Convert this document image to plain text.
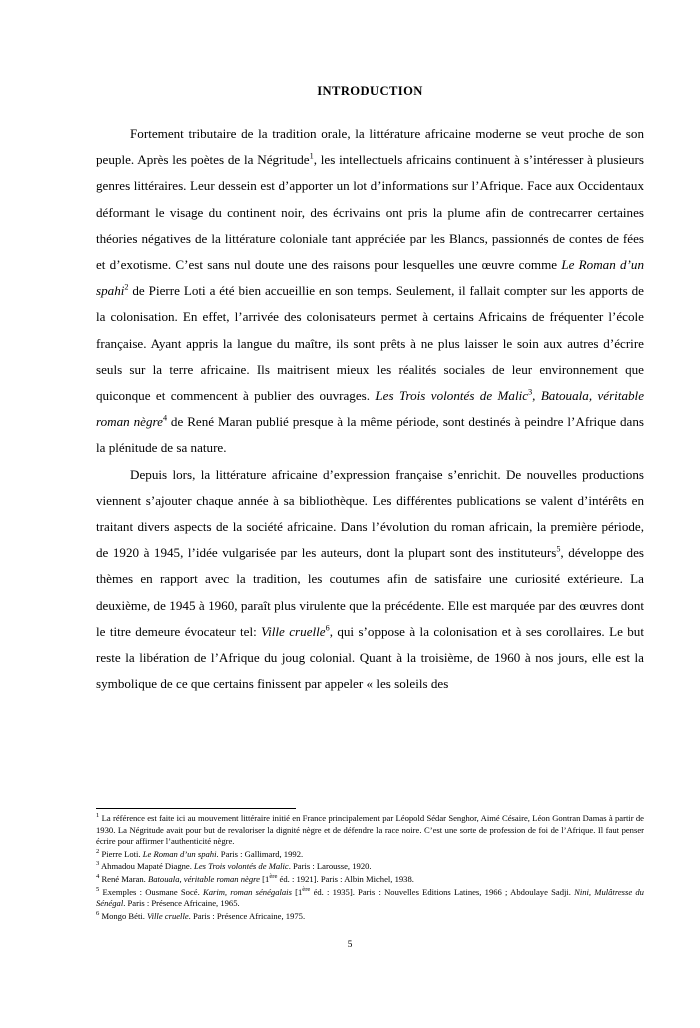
INTRODUCTION

Fortement tributaire de la tradition orale, la littérature africaine moderne se veut proche de son peuple. Après les poètes de la Négritude$^1$, les intellectuels africains continuent à s’intéresser à plusieurs genres littéraires. Leur dessein est d’apporter un lot d’informations sur l’Afrique. Face aux Occidentaux déformant le visage du continent noir, des écrivains ont pris la plume afin de contrecarrer certaines théories négatives de la littérature coloniale tant appréciée par les Blancs, passionnés de contes de fées et d’exotisme. C’est sans nul doute une des raisons pour lesquelles une œuvre comme Le Roman d’un spahi$^2$ de Pierre Loti a été bien accueillie en son temps. Seulement, il fallait compter sur les apports de la colonisation. En effet, l’arrivée des colonisateurs permet à certains Africains de fréquenter l’école française. Ayant appris la langue du maître, ils sont prêts à ne plus laisser le soin aux autres d’écrire seuls sur la terre africaine. Ils maitrisent mieux les réalités sociales de leur environnement que quiconque et commencent à publier des ouvrages. Les Trois volontés de Malic$^3$, Batouala, véritable roman nègre$^4$ de René Maran publié presque à la même période, sont destinés à peindre l’Afrique dans la plénitude de sa nature.

Depuis lors, la littérature africaine d’expression française s’enrichit. De nouvelles productions viennent s’ajouter chaque année à sa bibliothèque. Les différentes publications se valent d’intérêts en traitant divers aspects de la société africaine. Dans l’évolution du roman africain, la première période, de 1920 à 1945, l’idée vulgarisée par les auteurs, dont la plupart sont des instituteurs$^5$, développe des thèmes en rapport avec la tradition, les coutumes afin de satisfaire une curiosité extérieure. La deuxième, de 1945 à 1960, paraît plus virulente que la précédente. Elle est marquée par des œuvres dont le titre demeure évocateur tel: Ville cruelle$^6$, qui s’oppose à la colonisation et à ses corollaires. Le but reste la libération de l’Afrique du joug colonial. Quant à la troisième, de 1960 à nos jours, elle est la symbolique de ce que certains finissent par appeler « les soleils des

$^1$ La référence est faite ici au mouvement littéraire initié en France principalement par Léopold Sédar Senghor, Aimé Césaire, Léon Gontran Damas à partir de 1930. La Négritude avait pour but de revaloriser la dignité nègre et de défendre la race noire. C’est une sorte de profession de foi de l’Afrique. Il faut penser écrire pour affirmer l’authenticité nègre.
$^2$ Pierre Loti. Le Roman d’un spahi. Paris : Gallimard, 1992.
$^3$ Ahmadou Mapaté Diagne. Les Trois volontés de Malic. Paris : Larousse, 1920.
$^4$ René Maran. Batouala, véritable roman nègre [1ère éd. : 1921]. Paris : Albin Michel, 1938.
$^5$ Exemples : Ousmane Socé. Karim, roman sénégalais [1ère éd. : 1935]. Paris : Nouvelles Editions Latines, 1966 ; Abdoulaye Sadji. Nini, Mulâtresse du Sénégal. Paris : Présence Africaine, 1965.
$^6$ Mongo Béti. Ville cruelle. Paris : Présence Africaine, 1975.
5
